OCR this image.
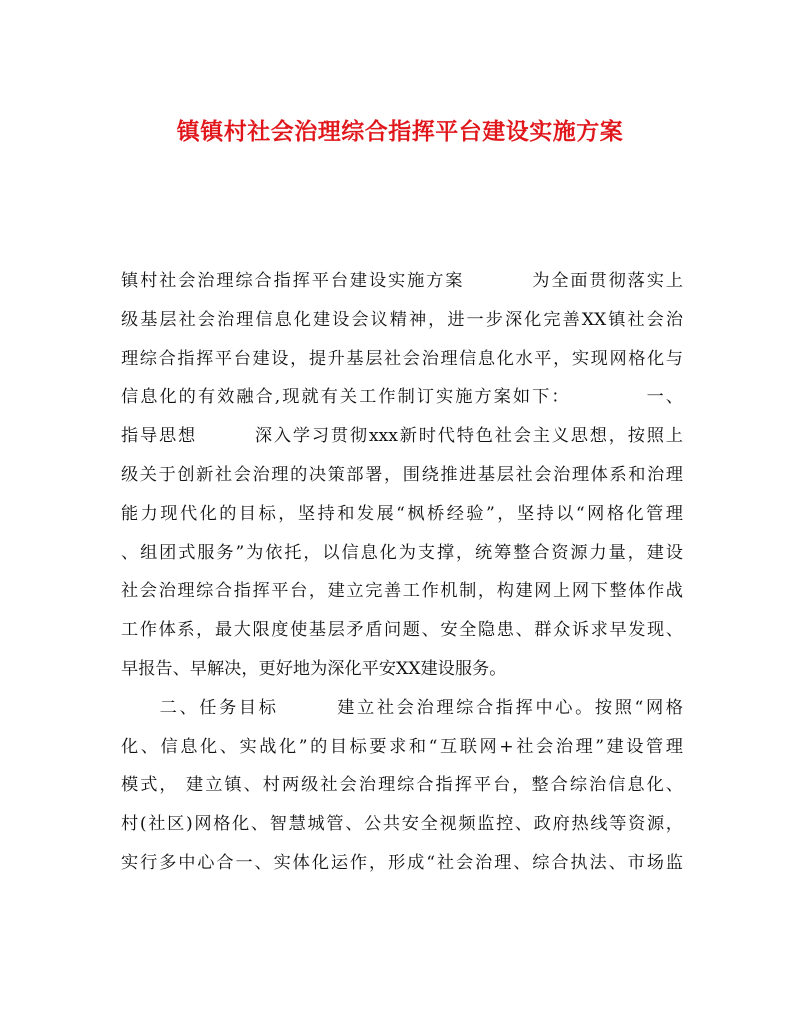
镇镇村社会治理综合指挥平台建设实施方案
镇村社会治理综合指挥平台建设实施方案	为全面贯彻落实上
级基层社会治理信息化建设会议精神，进一步深化完善XX镇社会治
理综合指挥平台建设，提升基层社会治理信息化水平，实现网格化与
信息化的有效融合,现就有关工作制订实施方案如下：	一、
指导思想	深入学习贯彻xxx新时代特色社会主义思想，按照上
级关于创新社会治理的决策部署，围绕推进基层社会治理体系和治理
能力现代化的目标，坚持和发展“枫桥经验”，坚持以“网格化管理
、组团式服务”为依托，以信息化为支撑，统筹整合资源力量，建设
社会治理综合指挥平台，建立完善工作机制，构建网上网下整体作战
工作体系，最大限度使基层矛盾问题、安全隐患、群众诉求早发现、
早报告、早解决，更好地为深化平安XX建设服务。
二、任务目标	建立社会治理综合指挥中心。按照“网格
化、信息化、实战化”的目标要求和“互联网+社会治理”建设管理
模式， 建立镇、村两级社会治理综合指挥平台，整合综治信息化、
村(社区)网格化、智慧城管、公共安全视频监控、政府热线等资源，
实行多中心合一、实体化运作，形成“社会治理、综合执法、市场监
